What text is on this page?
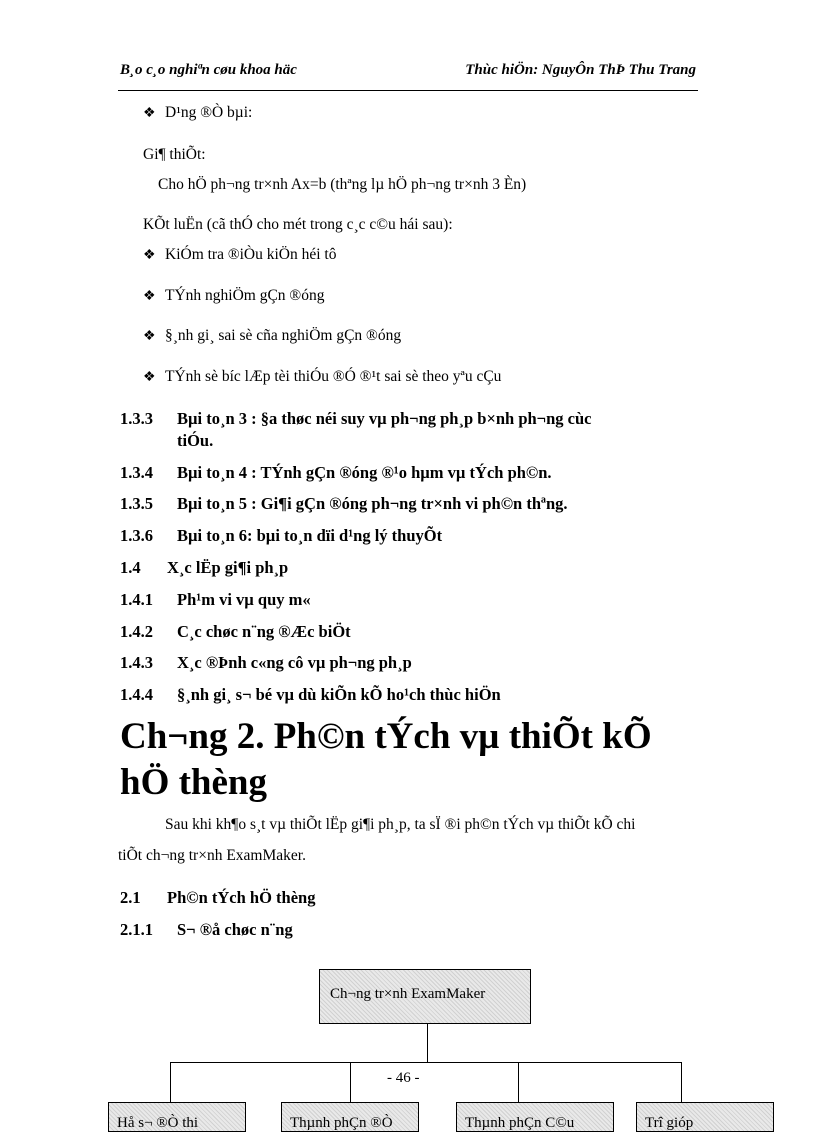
B¸o c¸o nghiªn cøu khoa häc	Thùc hiÖn: NguyÔn ThÞ Thu Trang
❖ D¹ng ®Ò bµi:
Gi¶ thiÕt:
Cho hÖ ph¬ng tr×nh Ax=b (thªng lµ hÖ ph¬ng tr×nh 3 Èn)
KÕt luËn (cã thÓ cho mét trong c¸c c©u hái sau):
❖ KiÓm tra ®iÒu kiÖn héi tô
❖ TÝnh nghiÖm gÇn ®óng
❖ §¸nh gi¸ sai sè cña nghiÖm gÇn ®óng
❖ TÝnh sè bíc lÆp tèi thiÓu ®Ó ®¹t sai sè theo yªu cÇu
1.3.3 Bµi to¸n 3 : §a thøc néi suy vµ ph¬ng ph¸p b×nh ph¬ng cùc
tiÓu.
1.3.4 Bµi to¸n 4 : TÝnh gÇn ®óng ®¹o hµm vµ tÝch ph©n.
1.3.5 Bµi to¸n 5 : Gi¶i gÇn ®óng ph¬ng tr×nh vi ph©n thªng.
1.3.6 Bµi to¸n 6: bµi to¸n dïi d¹ng lý thuyÕt
1.4 X¸c lËp gi¶i ph¸p
1.4.1 Ph¹m vi vµ quy m«
1.4.2 C¸c chøc n¨ng ®Æc biÖt
1.4.3 X¸c ®Þnh c«ng cô vµ ph¬ng ph¸p
1.4.4 §¸nh gi¸ s¬ bé vµ dù kiÕn kÕ ho¹ch thùc hiÖn
Ch¬ng 2. Ph©n tÝch vµ thiÕt kÕ
hÖ thèng
Sau khi kh¶o s¸t vµ thiÕt lËp gi¶i ph¸p, ta sÏ ®i ph©n tÝch vµ thiÕt kÕ chi
tiÕt ch¬ng tr×nh ExamMaker.
2.1 Ph©n tÝch hÖ thèng
2.1.1 S¬ ®å chøc n¨ng
Ch¬ng tr×nh ExamMaker
Hå s¬ ®Ò thi	Thµnh phÇn ®Ò	Thµnh phÇn C©u	Trî gióp
- 46 -
